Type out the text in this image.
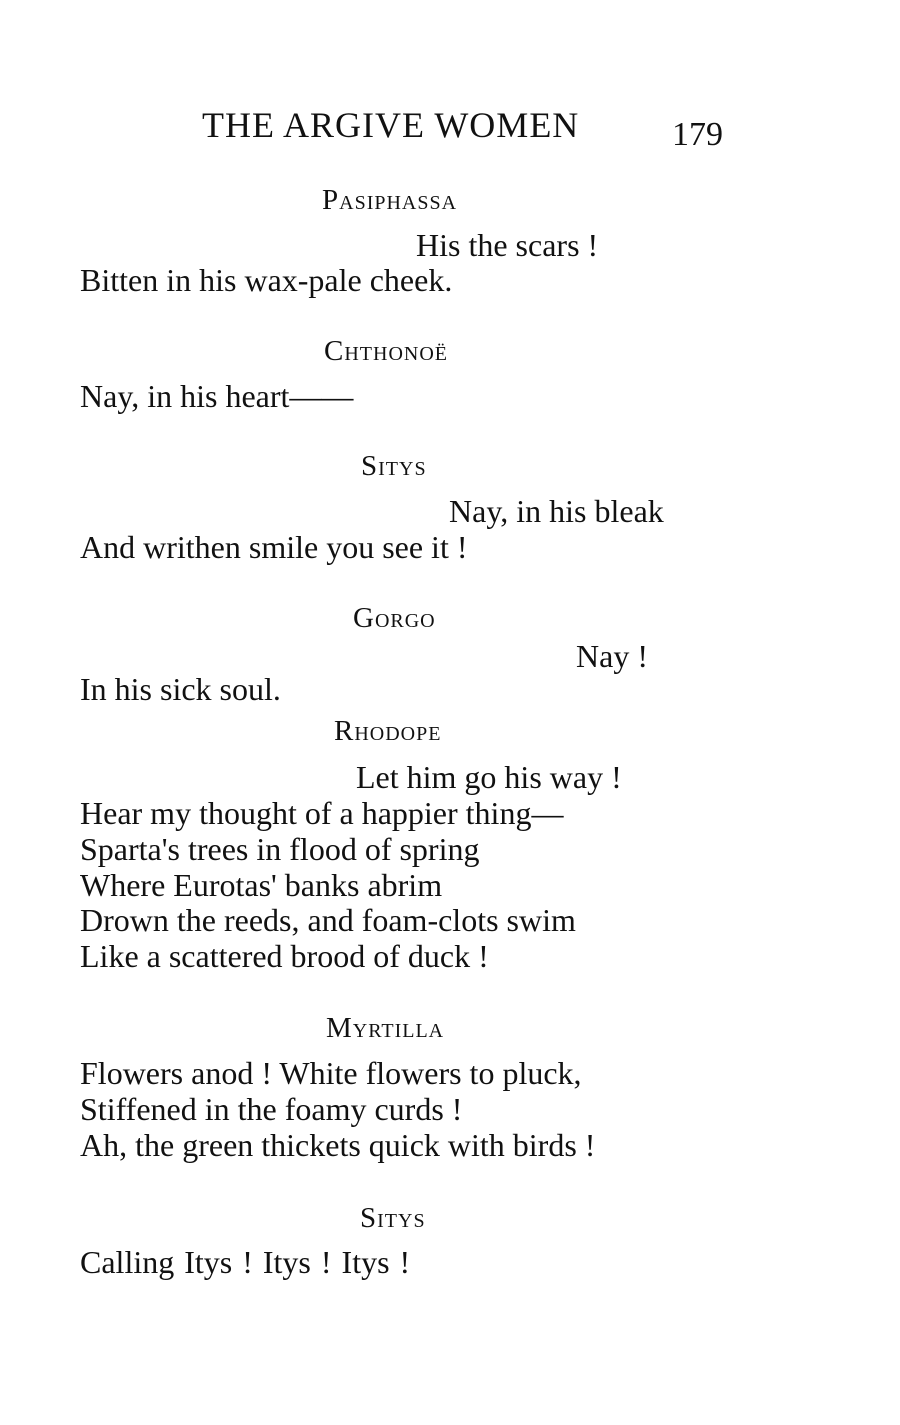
THE ARGIVE WOMEN	179
Pasiphassa
His the scars !
Bitten in his wax-pale cheek.
Chthonoë
Nay, in his heart——
Sitys
Nay, in his bleak
And writhen smile you see it !
Gorgo
Nay !
In his sick soul.
Rhodope
Let him go his way !
Hear my thought of a happier thing—
Sparta's trees in flood of spring
Where Eurotas' banks abrim
Drown the reeds, and foam-clots swim
Like a scattered brood of duck !
Myrtilla
Flowers anod ! White flowers to pluck,
Stiffened in the foamy curds !
Ah, the green thickets quick with birds !
Sitys
Calling Itys ! Itys ! Itys !
